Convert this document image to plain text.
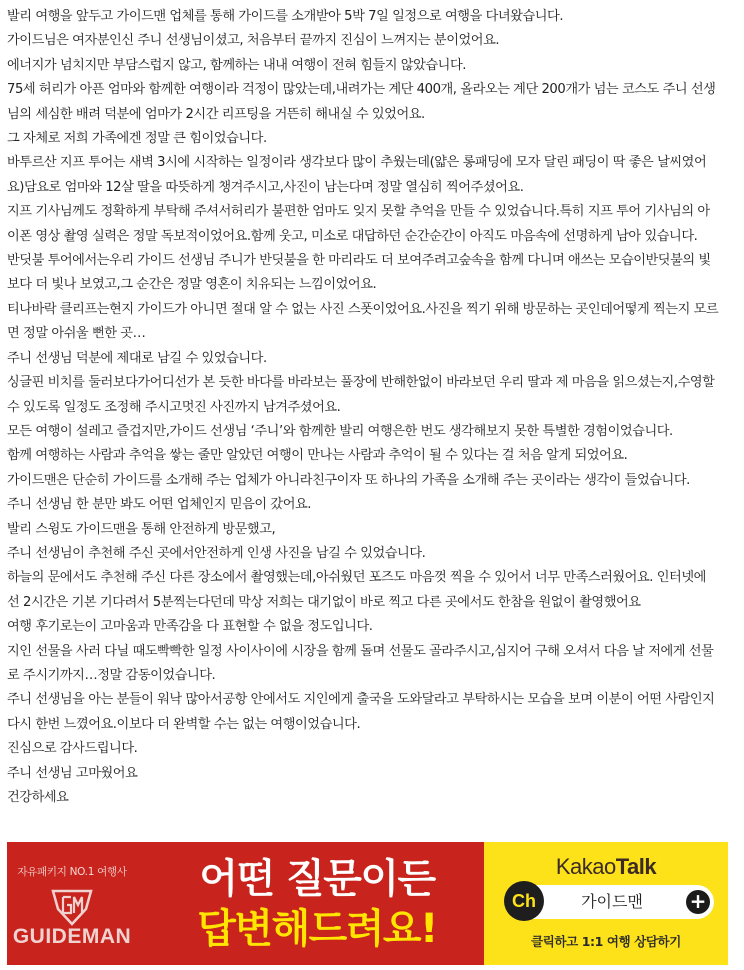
발리 여행을 앞두고 가이드맨 업체를 통해 가이드를 소개받아 5박 7일 일정으로 여행을 다녀왔습니다.

가이드님은 여자분인신 주니 선생님이셨고, 처음부터 끝까지 진심이 느껴지는 분이었어요.

에너지가 넘치지만 부담스럽지 않고, 함께하는 내내 여행이 전혀 힘들지 않았습니다.

75세 허리가 아픈 엄마와 함께한 여행이라 걱정이 많았는데,내려가는 계단 400개, 올라오는 계단 200개가 넘는 코스도 주니 선생

님의 세심한 배려 덕분에 엄마가 2시간 리프팅을 거뜬히 해내실 수 있었어요.

그 자체로 저희 가족에겐 정말 큰 힘이었습니다.

바투르산 지프 투어는 새벽 3시에 시작하는 일정이라 생각보다 많이 추웠는데(얇은 롱패딩에 모자 달린 패딩이 딱 좋은 날씨였어

요)담요로 엄마와 12살 딸을 따뜻하게 챙겨주시고,사진이 남는다며 정말 열심히 찍어주셨어요.

지프 기사님께도 정확하게 부탁해 주셔서허리가 불편한 엄마도 잊지 못할 추억을 만들 수 있었습니다.특히 지프 투어 기사님의 아

이폰 영상 촬영 실력은 정말 독보적이었어요.함께 웃고, 미소로 대답하던 순간순간이 아직도 마음속에 선명하게 남아 있습니다.

반딧불 투어에서는우리 가이드 선생님 주니가 반딧불을 한 마리라도 더 보여주려고숲속을 함께 다니며 애쓰는 모습이반딧불의 빛

보다 더 빛나 보였고,그 순간은 정말 영혼이 치유되는 느낌이었어요.

티나바락 클리프는현지 가이드가 아니면 절대 알 수 없는 사진 스폿이었어요.사진을 찍기 위해 방문하는 곳인데어떻게 찍는지 모르

면 정말 아쉬울 뻔한 곳…

주니 선생님 덕분에 제대로 남길 수 있었습니다.

싱글핀 비치를 둘러보다가어디선가 본 듯한 바다를 바라보는 풀장에 반해한없이 바라보던 우리 딸과 제 마음을 읽으셨는지,수영할

수 있도록 일정도 조정해 주시고멋진 사진까지 남겨주셨어요.

모든 여행이 설레고 즐겁지만,가이드 선생님 ‘주니’와 함께한 발리 여행은한 번도 생각해보지 못한 특별한 경험이었습니다.

함께 여행하는 사람과 추억을 쌓는 줄만 알았던 여행이 만나는 사람과 추억이 될 수 있다는 걸 처음 알게 되었어요.

가이드맨은 단순히 가이드를 소개해 주는 업체가 아니라친구이자 또 하나의 가족을 소개해 주는 곳이라는 생각이 들었습니다.

주니 선생님 한 분만 봐도 어떤 업체인지 믿음이 갔어요.

발리 스윙도 가이드맨을 통해 안전하게 방문했고,

주니 선생님이 추천해 주신 곳에서안전하게 인생 사진을 남길 수 있었습니다.

하늘의 문에서도 추천해 주신 다른 장소에서 촬영했는데,아쉬웠던 포즈도 마음껏 찍을 수 있어서 너무 만족스러웠어요. 인터넷에

선 2시간은 기본 기다려서 5분찍는다던데 막상 저희는 대기없이 바로 찍고 다른 곳에서도 한참을 원없이 촬영했어요

여행 후기로는이 고마움과 만족감을 다 표현할 수 없을 정도입니다.

지인 선물을 사러 다닐 때도빡빡한 일정 사이사이에 시장을 함께 돌며 선물도 골라주시고,심지어 구해 오셔서 다음 날 저에게 선물

로 주시기까지…정말 감동이었습니다.

주니 선생님을 아는 분들이 워낙 많아서공항 안에서도 지인에게 출국을 도와달라고 부탁하시는 모습을 보며 이분이 어떤 사람인지

다시 한번 느꼈어요.이보다 더 완벽할 수는 없는 여행이었습니다.

진심으로 감사드립니다.

주니 선생님 고마웠어요

건강하세요

자유패키지 NO.1 여행사
GUIDEMAN
어떤 질문이든
답변해드려요!
KakaoTalk
Ch	가이드맨	+
클릭하고 1:1 여행 상담하기
